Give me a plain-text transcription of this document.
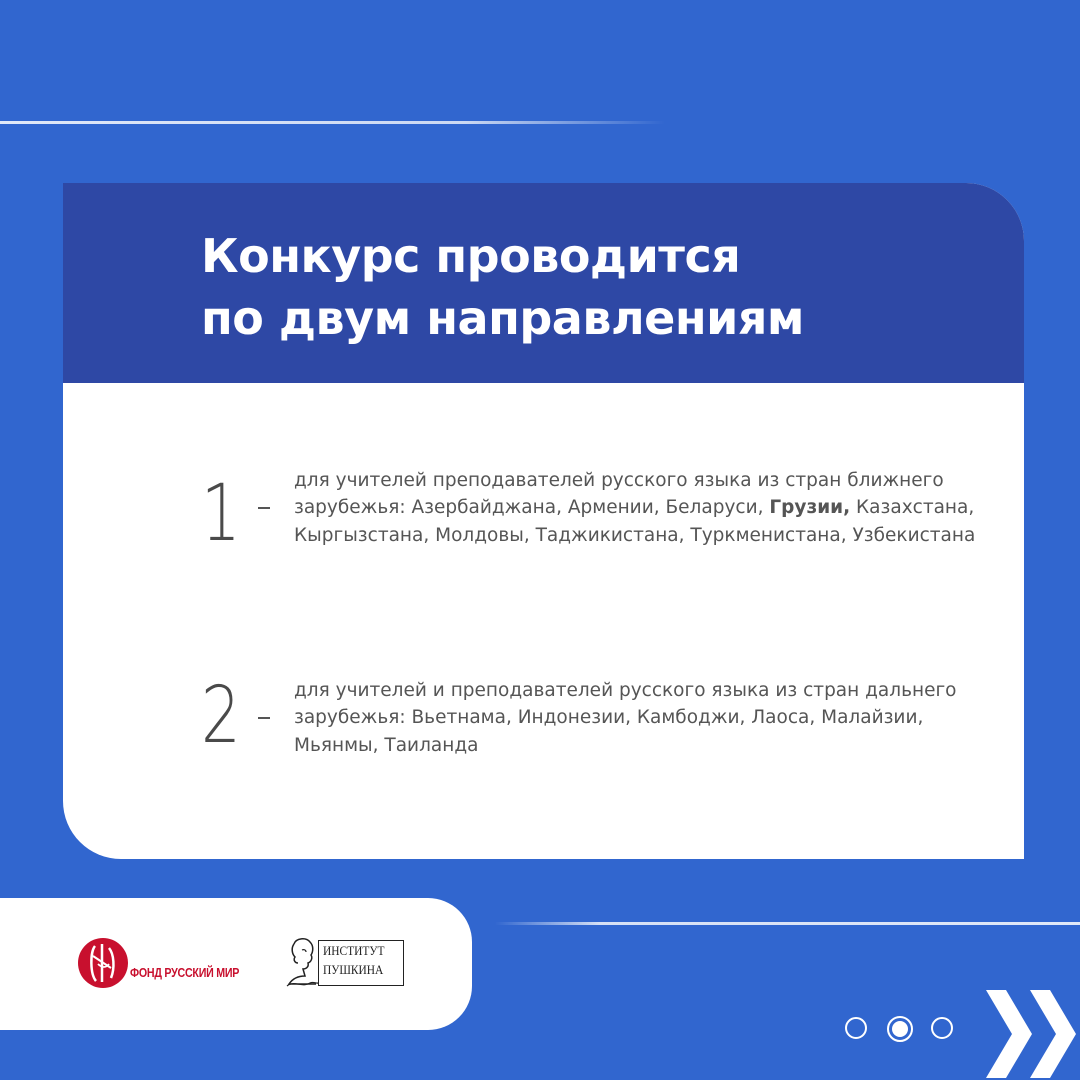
Конкурс проводится
по двум направлениям
1	для учителей преподавателей русского языка из стран ближнего зарубежья: Азербайджана, Армении, Беларуси, Грузии, Казахстана, Кыргызстана, Молдовы, Таджикистана, Туркменистана, Узбекистана

2	для учителей и преподавателей русского языка из стран дальнего зарубежья: Вьетнама, Индонезии, Камбоджи, Лаоса, Малайзии, Мьянмы, Таиланда

ФОНД РУССКИЙ МИР
ИНСТИТУТ
ПУШКИНА
